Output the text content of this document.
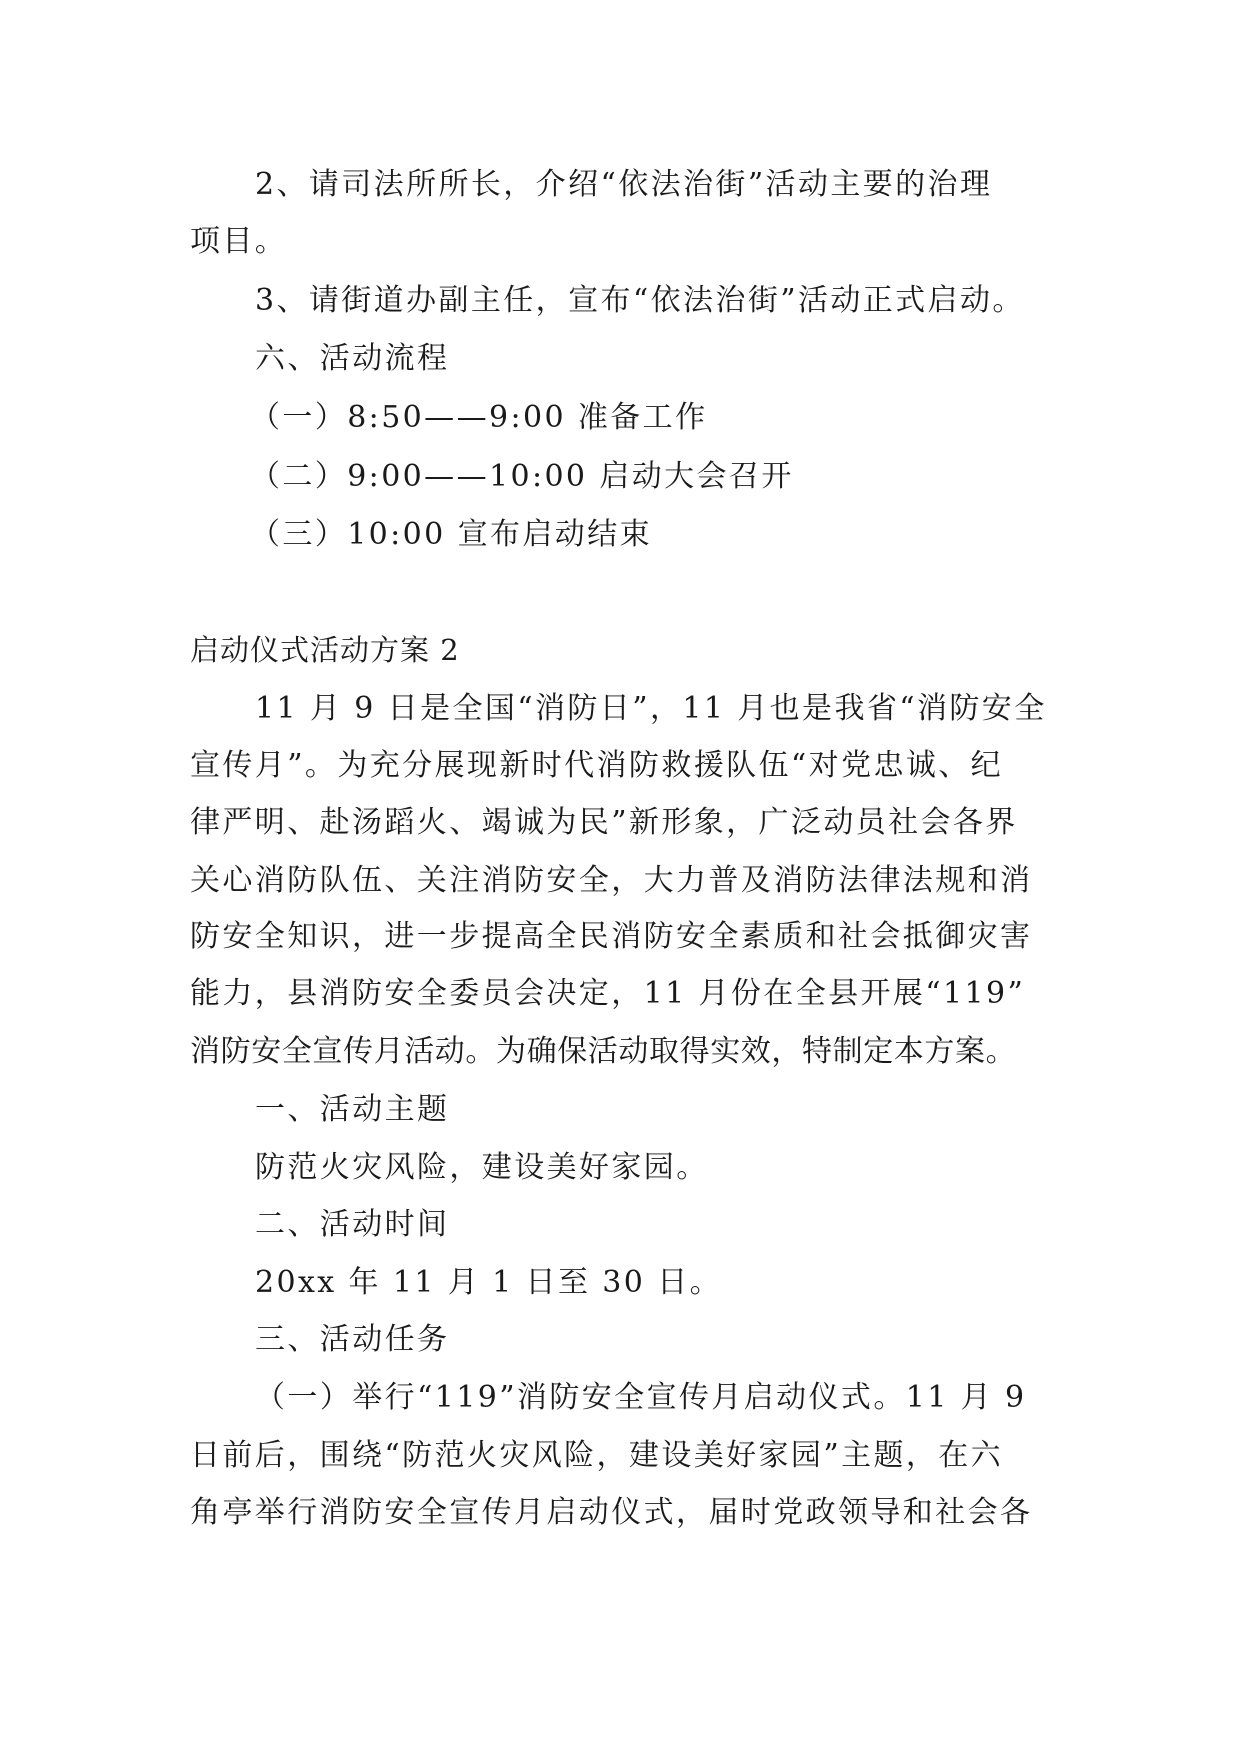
2、请司法所所长，介绍“依法治街”活动主要的治理

项目。

3、请街道办副主任，宣布“依法治街”活动正式启动。

六、活动流程

（一）8:50——9:00 准备工作

（二）9:00——10:00 启动大会召开

（三）10:00 宣布启动结束

启动仪式活动方案 2

11 月 9 日是全国“消防日”，11 月也是我省“消防安全

宣传月”。为充分展现新时代消防救援队伍“对党忠诚、纪

律严明、赴汤蹈火、竭诚为民”新形象，广泛动员社会各界

关心消防队伍、关注消防安全，大力普及消防法律法规和消

防安全知识，进一步提高全民消防安全素质和社会抵御灾害

能力，县消防安全委员会决定，11 月份在全县开展“119”

消防安全宣传月活动。为确保活动取得实效，特制定本方案。

一、活动主题

防范火灾风险，建设美好家园。

二、活动时间

20xx 年 11 月 1 日至 30 日。

三、活动任务

（一）举行“119”消防安全宣传月启动仪式。11 月 9

日前后，围绕“防范火灾风险，建设美好家园”主题，在六

角亭举行消防安全宣传月启动仪式，届时党政领导和社会各
